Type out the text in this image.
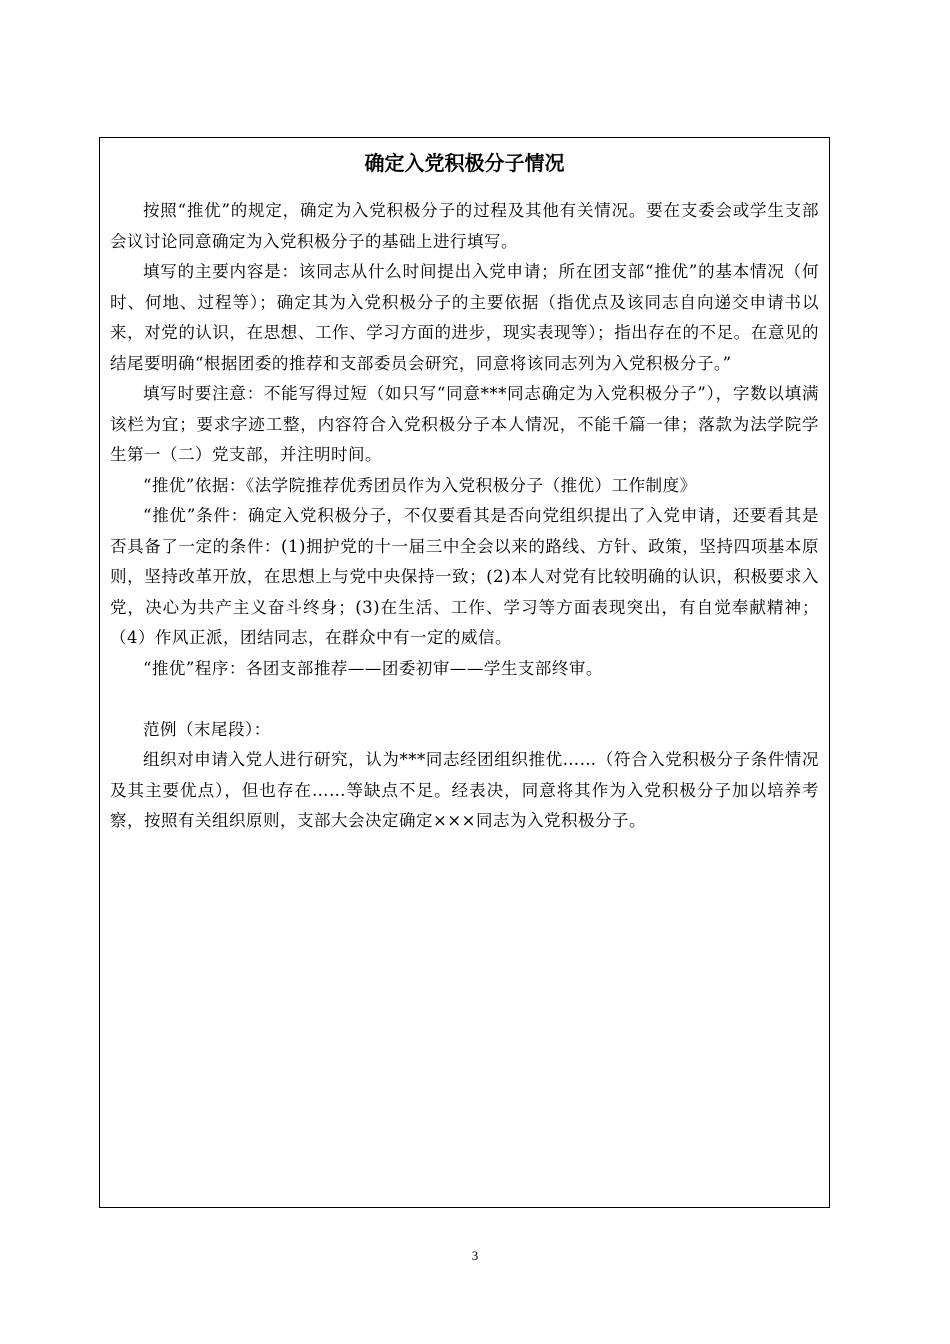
确定入党积极分子情况

按照“推优”的规定，确定为入党积极分子的过程及其他有关情况。要在支委会或学生支部会议讨论同意确定为入党积极分子的基础上进行填写。

填写的主要内容是：该同志从什么时间提出入党申请；所在团支部“推优”的基本情况（何时、何地、过程等）；确定其为入党积极分子的主要依据（指优点及该同志自向递交申请书以来，对党的认识，在思想、工作、学习方面的进步，现实表现等）；指出存在的不足。在意见的结尾要明确“根据团委的推荐和支部委员会研究，同意将该同志列为入党积极分子。”

填写时要注意：不能写得过短（如只写“同意***同志确定为入党积极分子”），字数以填满该栏为宜；要求字迹工整，内容符合入党积极分子本人情况，不能千篇一律；落款为法学院学生第一（二）党支部，并注明时间。

“推优”依据：《法学院推荐优秀团员作为入党积极分子（推优）工作制度》

“推优”条件：确定入党积极分子，不仅要看其是否向党组织提出了入党申请，还要看其是否具备了一定的条件：(1)拥护党的十一届三中全会以来的路线、方针、政策，坚持四项基本原则，坚持改革开放，在思想上与党中央保持一致；(2)本人对党有比较明确的认识，积极要求入党，决心为共产主义奋斗终身；(3)在生活、工作、学习等方面表现突出，有自觉奉献精神；（4）作风正派，团结同志，在群众中有一定的威信。

“推优”程序：各团支部推荐——团委初审——学生支部终审。

范例（末尾段）：

组织对申请入党人进行研究，认为***同志经团组织推优……（符合入党积极分子条件情况及其主要优点），但也存在……等缺点不足。经表决，同意将其作为入党积极分子加以培养考察，按照有关组织原则，支部大会决定确定×××同志为入党积极分子。

3
